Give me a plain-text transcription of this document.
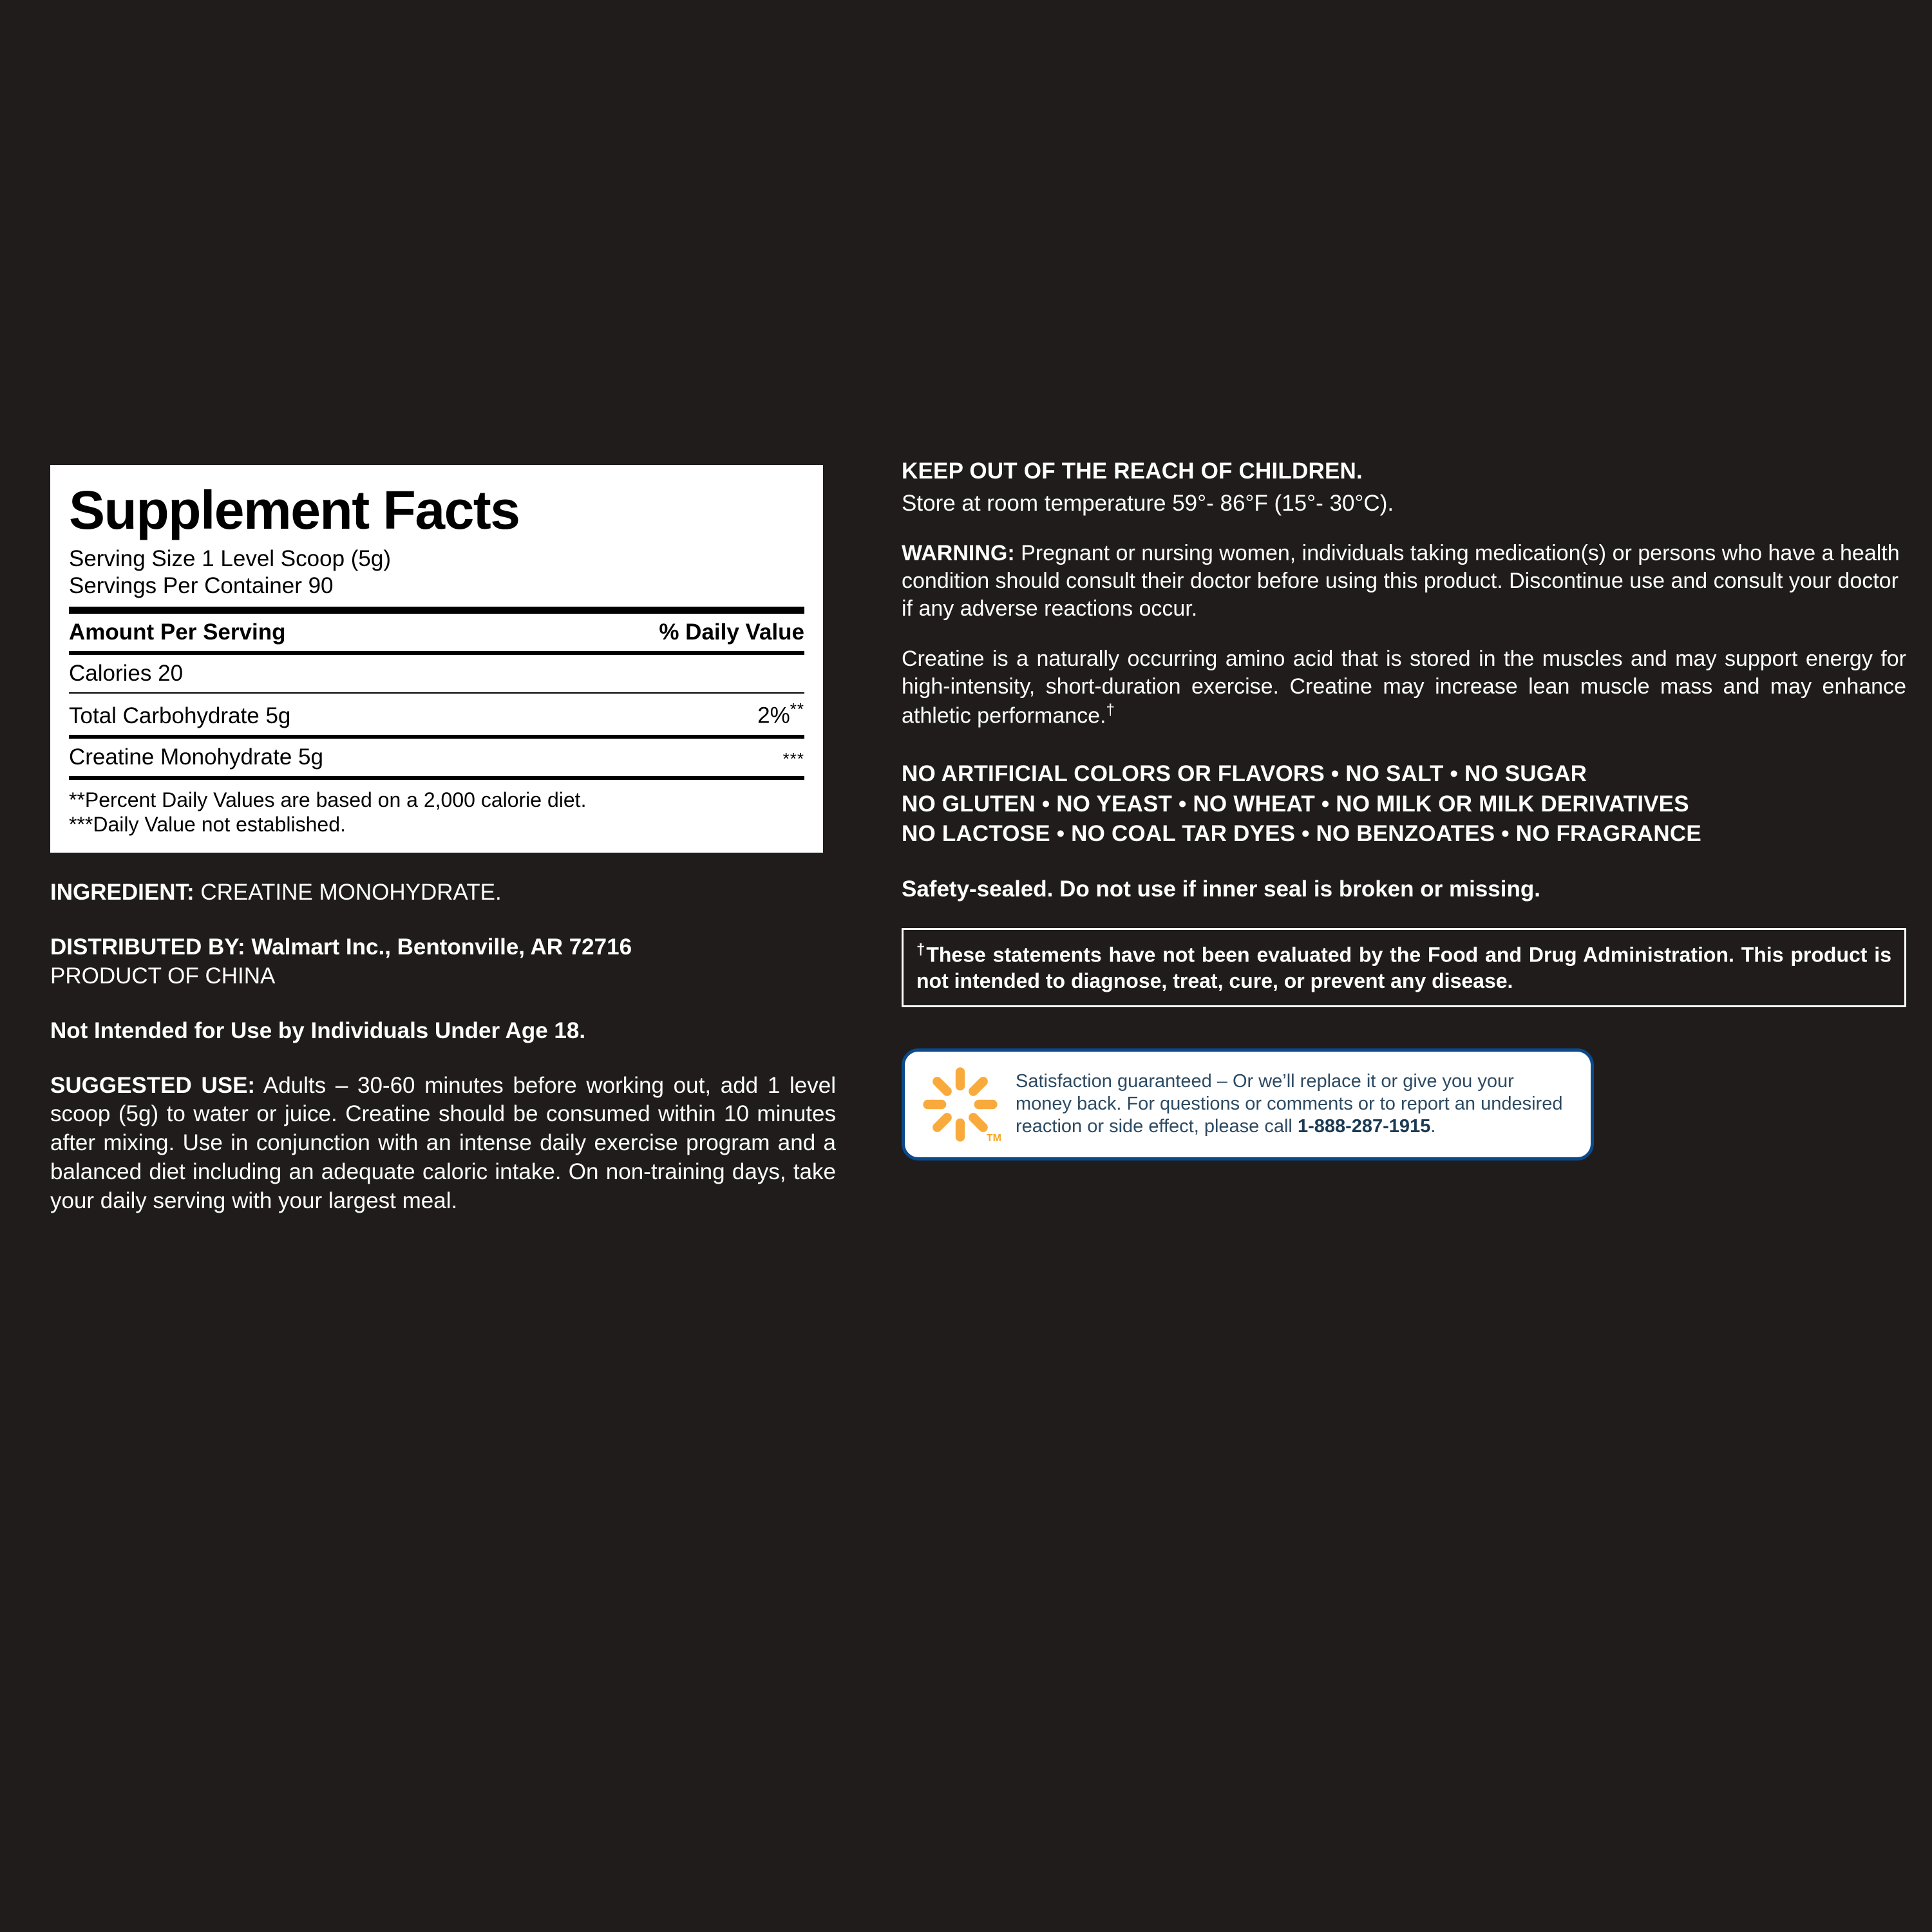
Supplement Facts
Serving Size 1 Level Scoop (5g)
Servings Per Container 90
Amount Per Serving	% Daily Value
Calories 20
Total Carbohydrate 5g	2%**
Creatine Monohydrate 5g	***
**Percent Daily Values are based on a 2,000 calorie diet.
***Daily Value not established.
INGREDIENT: CREATINE MONOHYDRATE.
DISTRIBUTED BY: Walmart Inc., Bentonville, AR 72716
PRODUCT OF CHINA
Not Intended for Use by Individuals Under Age 18.
SUGGESTED USE: Adults – 30-60 minutes before working out, add 1 level scoop (5g) to water or juice. Creatine should be consumed within 10 minutes after mixing. Use in conjunction with an intense daily exercise program and a balanced diet including an adequate caloric intake. On non-training days, take your daily serving with your largest meal.
KEEP OUT OF THE REACH OF CHILDREN.
Store at room temperature 59°- 86°F (15°- 30°C).
WARNING: Pregnant or nursing women, individuals taking medication(s) or persons who have a health condition should consult their doctor before using this product. Discontinue use and consult your doctor if any adverse reactions occur.
Creatine is a naturally occurring amino acid that is stored in the muscles and may support energy for high-intensity, short-duration exercise. Creatine may increase lean muscle mass and may enhance athletic performance.†
NO ARTIFICIAL COLORS OR FLAVORS • NO SALT • NO SUGAR
NO GLUTEN • NO YEAST • NO WHEAT • NO MILK OR MILK DERIVATIVES
NO LACTOSE • NO COAL TAR DYES • NO BENZOATES • NO FRAGRANCE
Safety-sealed. Do not use if inner seal is broken or missing.
†These statements have not been evaluated by the Food and Drug Administration. This product is not intended to diagnose, treat, cure, or prevent any disease.
TM
Satisfaction guaranteed – Or we’ll replace it or give you your money back. For questions or comments or to report an undesired reaction or side effect, please call 1-888-287-1915.
